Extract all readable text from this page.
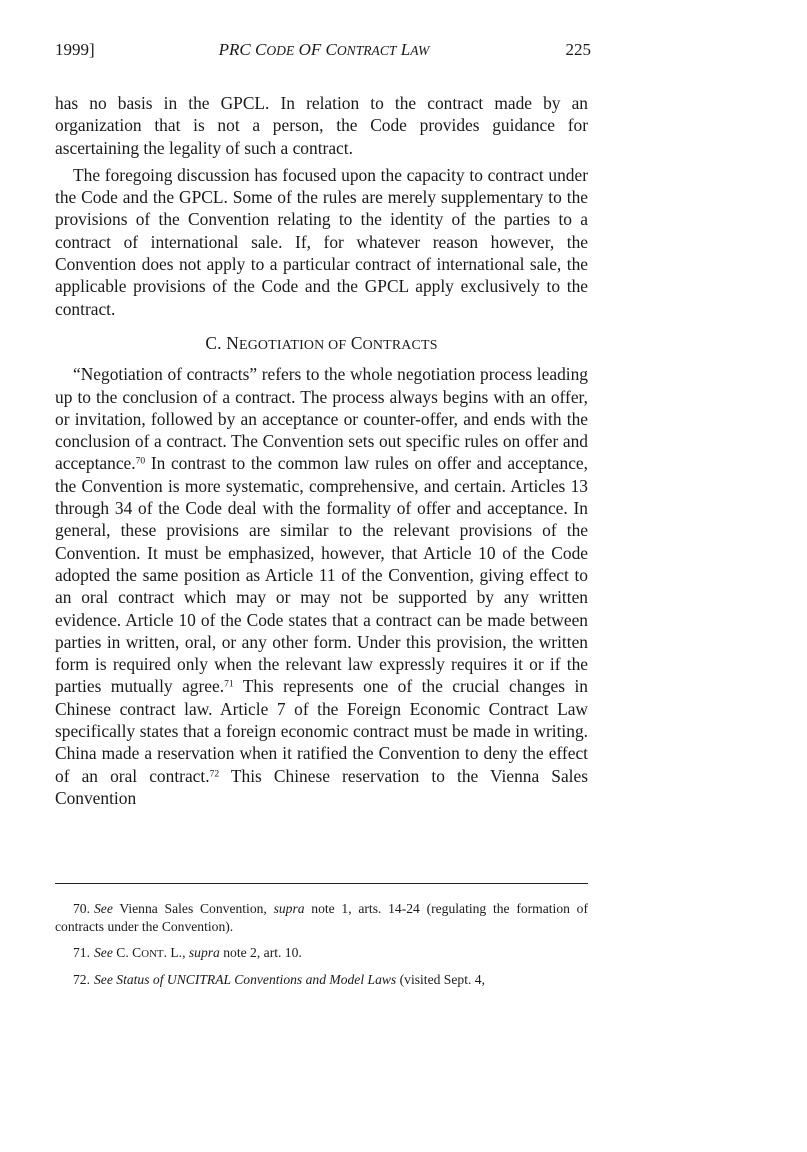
1999]	PRC CODE OF CONTRACT LAW	225

has no basis in the GPCL. In relation to the contract made by an organization that is not a person, the Code provides guidance for ascertaining the legality of such a contract.

The foregoing discussion has focused upon the capacity to contract under the Code and the GPCL. Some of the rules are merely supplementary to the provisions of the Convention relating to the identity of the parties to a contract of international sale. If, for whatever reason however, the Convention does not apply to a particular contract of international sale, the applicable provisions of the Code and the GPCL apply exclusively to the contract.

C. NEGOTIATION OF CONTRACTS

“Negotiation of contracts” refers to the whole negotiation process leading up to the conclusion of a contract. The process always begins with an offer, or invitation, followed by an acceptance or counter-offer, and ends with the conclusion of a contract. The Convention sets out specific rules on offer and acceptance.$^{70}$ In contrast to the common law rules on offer and acceptance, the Convention is more systematic, comprehensive, and certain. Articles 13 through 34 of the Code deal with the formality of offer and acceptance. In general, these provisions are similar to the relevant provisions of the Convention. It must be emphasized, however, that Article 10 of the Code adopted the same position as Article 11 of the Convention, giving effect to an oral contract which may or may not be supported by any written evidence. Article 10 of the Code states that a contract can be made between parties in written, oral, or any other form. Under this provision, the written form is required only when the relevant law expressly requires it or if the parties mutually agree.$^{71}$ This represents one of the crucial changes in Chinese contract law. Article 7 of the Foreign Economic Contract Law specifically states that a foreign economic contract must be made in writing. China made a reservation when it ratified the Convention to deny the effect of an oral contract.$^{72}$ This Chinese reservation to the Vienna Sales Convention

70. See Vienna Sales Convention, supra note 1, arts. 14-24 (regulating the formation of contracts under the Convention).

71. See C. CONT. L., supra note 2, art. 10.

72. See Status of UNCITRAL Conventions and Model Laws (visited Sept. 4,
